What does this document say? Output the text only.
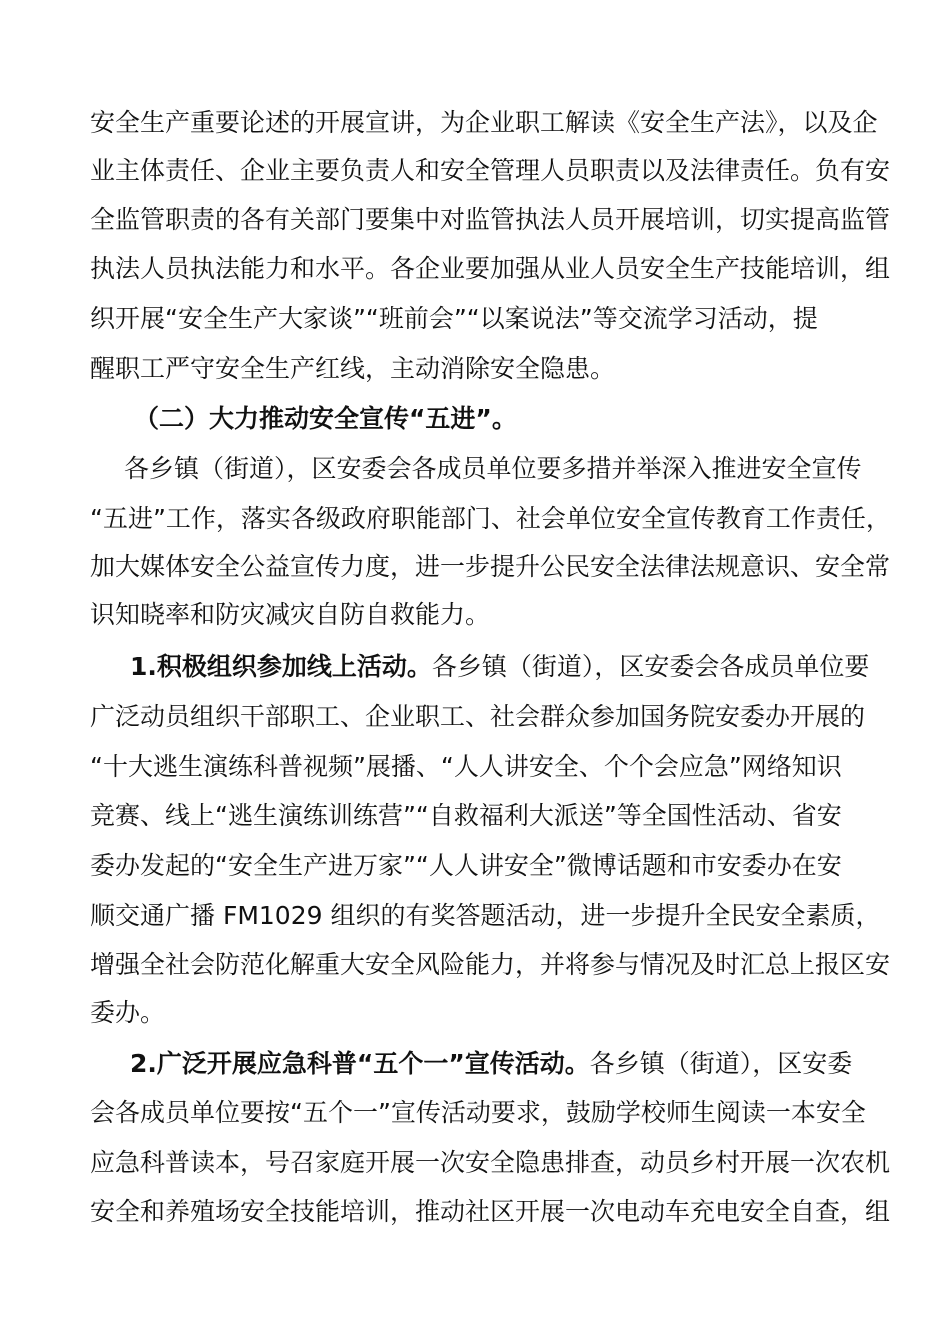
安全生产重要论述的开展宣讲，为企业职工解读《安全生产法》，以及企
业主体责任、企业主要负责人和安全管理人员职责以及法律责任。负有安
全监管职责的各有关部门要集中对监管执法人员开展培训，切实提高监管
执法人员执法能力和水平。各企业要加强从业人员安全生产技能培训，组
织开展“安全生产大家谈”“班前会”“以案说法”等交流学习活动，提
醒职工严守安全生产红线，主动消除安全隐患。
（二）大力推动安全宣传“五进”。
各乡镇（街道），区安委会各成员单位要多措并举深入推进安全宣传
“五进”工作，落实各级政府职能部门、社会单位安全宣传教育工作责任，
加大媒体安全公益宣传力度，进一步提升公民安全法律法规意识、安全常
识知晓率和防灾减灾自防自救能力。
1.积极组织参加线上活动。各乡镇（街道），区安委会各成员单位要
广泛动员组织干部职工、企业职工、社会群众参加国务院安委办开展的
“十大逃生演练科普视频”展播、“人人讲安全、个个会应急”网络知识
竞赛、线上“逃生演练训练营”“自救福利大派送”等全国性活动、省安
委办发起的“安全生产进万家”“人人讲安全”微博话题和市安委办在安
顺交通广播 FM1029 组织的有奖答题活动，进一步提升全民安全素质，
增强全社会防范化解重大安全风险能力，并将参与情况及时汇总上报区安
委办。
2.广泛开展应急科普“五个一”宣传活动。各乡镇（街道），区安委
会各成员单位要按“五个一”宣传活动要求，鼓励学校师生阅读一本安全
应急科普读本，号召家庭开展一次安全隐患排查，动员乡村开展一次农机
安全和养殖场安全技能培训，推动社区开展一次电动车充电安全自查，组
